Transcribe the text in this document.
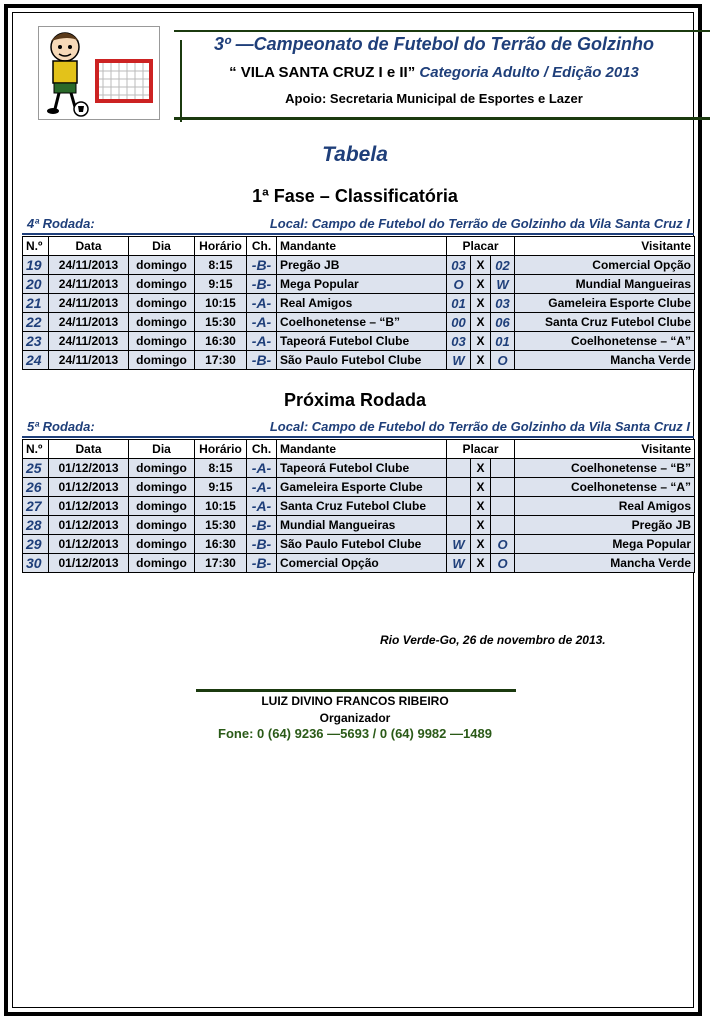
3º —Campeonato de Futebol do Terrão de Golzinho
“ VILA SANTA CRUZ I e II” Categoria Adulto / Edição 2013
Apoio: Secretaria Municipal de Esportes e Lazer
Tabela
1ª Fase – Classificatória
4ª Rodada:	Local: Campo de Futebol do Terrão de Golzinho da Vila Santa Cruz I
N.º	Data	Dia	Horário	Ch.	Mandante	Placar			Visitante
19	24/11/2013	domingo	8:15	-B-	Pregão JB	03	X	02	Comercial Opção
20	24/11/2013	domingo	9:15	-B-	Mega Popular	O	X	W	Mundial Mangueiras
21	24/11/2013	domingo	10:15	-A-	Real Amigos	01	X	03	Gameleira Esporte Clube
22	24/11/2013	domingo	15:30	-A-	Coelhonetense – “B”	00	X	06	Santa Cruz Futebol Clube
23	24/11/2013	domingo	16:30	-A-	Tapeorá Futebol Clube	03	X	01	Coelhonetense – “A”
24	24/11/2013	domingo	17:30	-B-	São Paulo Futebol Clube	W	X	O	Mancha Verde
Próxima Rodada
5ª Rodada:	Local: Campo de Futebol do Terrão de Golzinho da Vila Santa Cruz I
N.º	Data	Dia	Horário	Ch.	Mandante	Placar			Visitante
25	01/12/2013	domingo	8:15	-A-	Tapeorá Futebol Clube		X		Coelhonetense – “B”
26	01/12/2013	domingo	9:15	-A-	Gameleira Esporte Clube		X		Coelhonetense – “A”
27	01/12/2013	domingo	10:15	-A-	Santa Cruz Futebol Clube		X		Real Amigos
28	01/12/2013	domingo	15:30	-B-	Mundial Mangueiras		X		Pregão JB
29	01/12/2013	domingo	16:30	-B-	São Paulo Futebol Clube	W	X	O	Mega Popular
30	01/12/2013	domingo	17:30	-B-	Comercial Opção	W	X	O	Mancha Verde
Rio Verde-Go, 26 de novembro de 2013.
LUIZ DIVINO FRANCOS RIBEIRO
Organizador
Fone: 0 (64) 9236 —5693 / 0 (64) 9982 —1489
